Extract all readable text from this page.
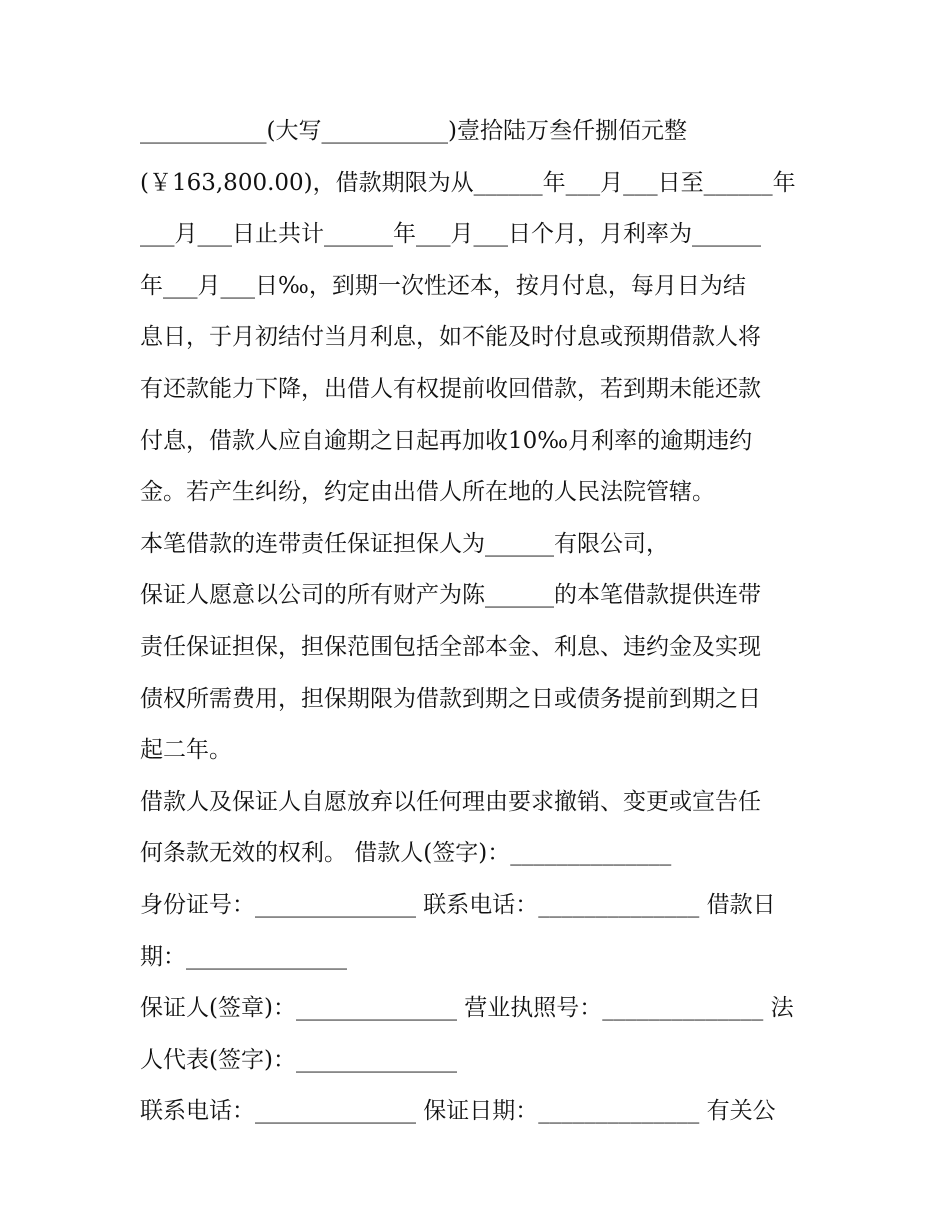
___________(大写___________)壹拾陆万叁仟捌佰元整
(￥163,800.00)，借款期限为从______年___月___日至______年
___月___日止共计______年___月___日个月，月利率为______
年___月___日‰，到期一次性还本，按月付息，每月日为结
息日，于月初结付当月利息，如不能及时付息或预期借款人将
有还款能力下降，出借人有权提前收回借款，若到期未能还款
付息，借款人应自逾期之日起再加收10‰月利率的逾期违约
金。若产生纠纷，约定由出借人所在地的人民法院管辖。
本笔借款的连带责任保证担保人为______有限公司，
保证人愿意以公司的所有财产为陈______的本笔借款提供连带
责任保证担保，担保范围包括全部本金、利息、违约金及实现
债权所需费用，担保期限为借款到期之日或债务提前到期之日
起二年。
借款人及保证人自愿放弃以任何理由要求撤销、变更或宣告任
何条款无效的权利。 借款人(签字)：______________
身份证号：______________ 联系电话：______________ 借款日
期：______________
保证人(签章)：______________ 营业执照号：______________ 法
人代表(签字)：______________
联系电话：______________ 保证日期：______________ 有关公
